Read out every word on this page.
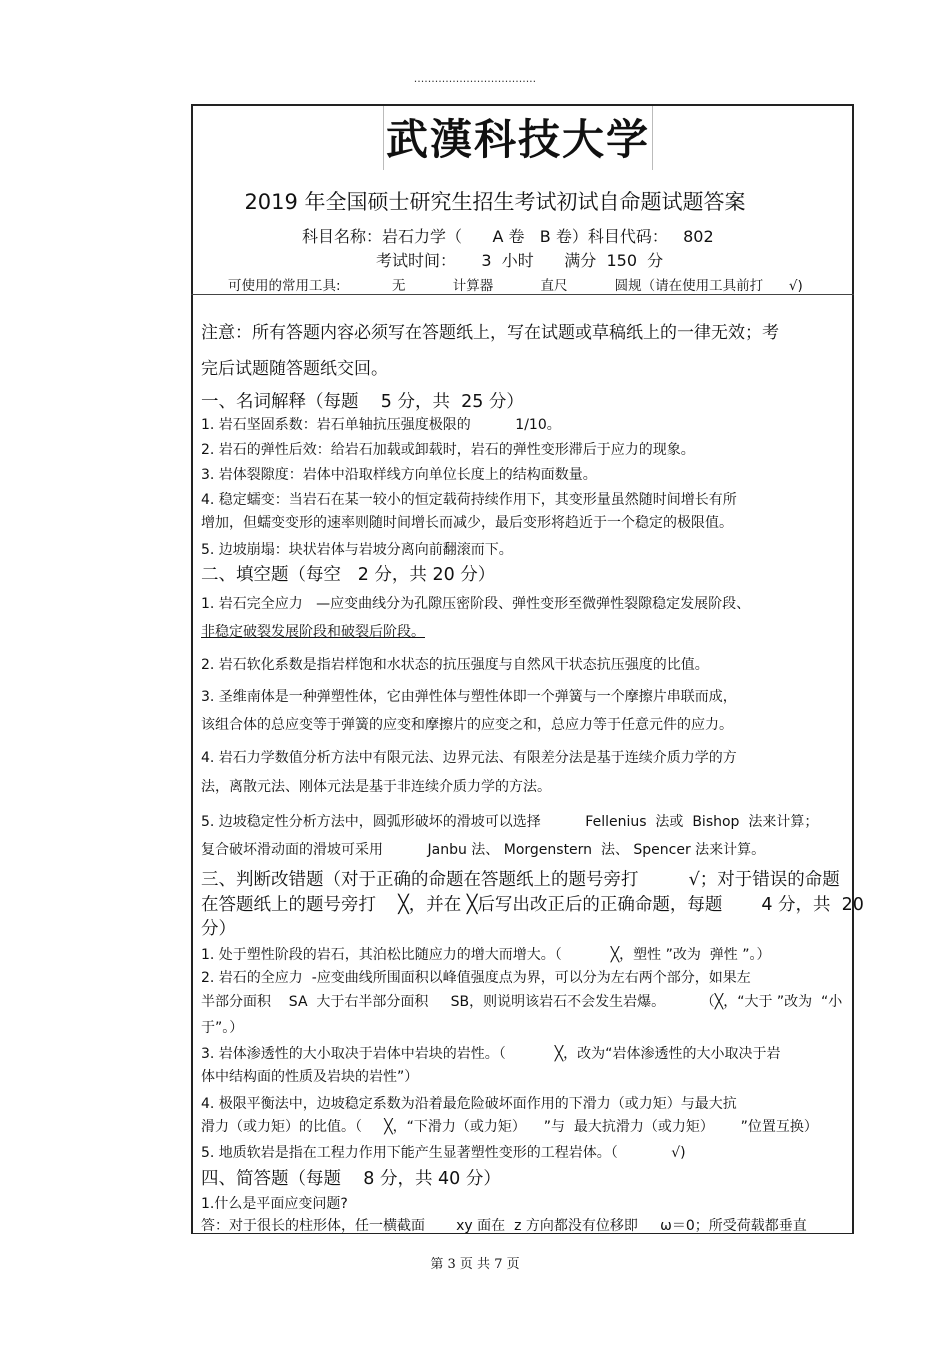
...................................
武漢科技大学
2019 年全国硕士研究生招生考试初试自命题试题答案
科目名称：岩石力学（      A 卷   B 卷）科目代码：   802
考试时间：     3  小时      满分  150  分
可使用的常用工具:            无           计算器           直尺           圆规（请在使用工具前打      √)
注意：所有答题内容必须写在答题纸上，写在试题或草稿纸上的一律无效；考
完后试题随答题纸交回。
一、名词解释（每题    5 分，共  25 分）
1. 岩石坚固系数：岩石单轴抗压强度极限的          1/10。
2. 岩石的弹性后效：给岩石加载或卸载时，岩石的弹性变形滞后于应力的现象。
3. 岩体裂隙度：岩体中沿取样线方向单位长度上的结构面数量。
4. 稳定蠕变：当岩石在某一较小的恒定载荷持续作用下，其变形量虽然随时间增长有所
增加，但蠕变变形的速率则随时间增长而减少，最后变形将趋近于一个稳定的极限值。
5. 边坡崩塌：块状岩体与岩坡分离向前翻滚而下。
二、填空题（每空   2 分，共 20 分）
1. 岩石完全应力   —应变曲线分为孔隙压密阶段、弹性变形至微弹性裂隙稳定发展阶段、
非稳定破裂发展阶段和破裂后阶段。
2. 岩石软化系数是指岩样饱和水状态的抗压强度与自然风干状态抗压强度的比值。
3. 圣维南体是一种弹塑性体，它由弹性体与塑性体即一个弹簧与一个摩擦片串联而成，
该组合体的总应变等于弹簧的应变和摩擦片的应变之和，总应力等于任意元件的应力。
4. 岩石力学数值分析方法中有限元法、边界元法、有限差分法是基于连续介质力学的方
法，离散元法、刚体元法是基于非连续介质力学的方法。
5. 边坡稳定性分析方法中，圆弧形破坏的滑坡可以选择          Fellenius  法或  Bishop  法来计算；
复合破坏滑动面的滑坡可采用          Janbu 法、 Morgenstern  法、 Spencer 法来计算。
三、判断改错题（对于正确的命题在答题纸上的题号旁打         √；对于错误的命题
在答题纸上的题号旁打    ╳，并在 ╳后写出改正后的正确命题，每题       4 分，共  20
分）
1. 处于塑性阶段的岩石，其泊松比随应力的增大而增大。（           ╳，塑性 ”改为  弹性 ”。）
2. 岩石的全应力  -应变曲线所围面积以峰值强度点为界，可以分为左右两个部分，如果左
半部分面积    SA  大于右半部分面积     SB，则说明该岩石不会发生岩爆。        （╳，“大于 ”改为  “小
于”。）
3. 岩体渗透性的大小取决于岩体中岩块的岩性。（           ╳，改为“岩体渗透性的大小取决于岩
体中结构面的性质及岩块的岩性”）
4. 极限平衡法中，边坡稳定系数为沿着最危险破坏面作用的下滑力（或力矩）与最大抗
滑力（或力矩）的比值。（     ╳，“下滑力（或力矩）    ”与  最大抗滑力（或力矩）      ”位置互换）
5. 地质软岩是指在工程力作用下能产生显著塑性变形的工程岩体。（            √)
四、简答题（每题    8 分，共 40 分）
1.什么是平面应变问题?
答：对于很长的柱形体，任一横截面       xy 面在  z 方向都没有位移即     ω＝0；所受荷载都垂直
第 3 页 共 7 页
